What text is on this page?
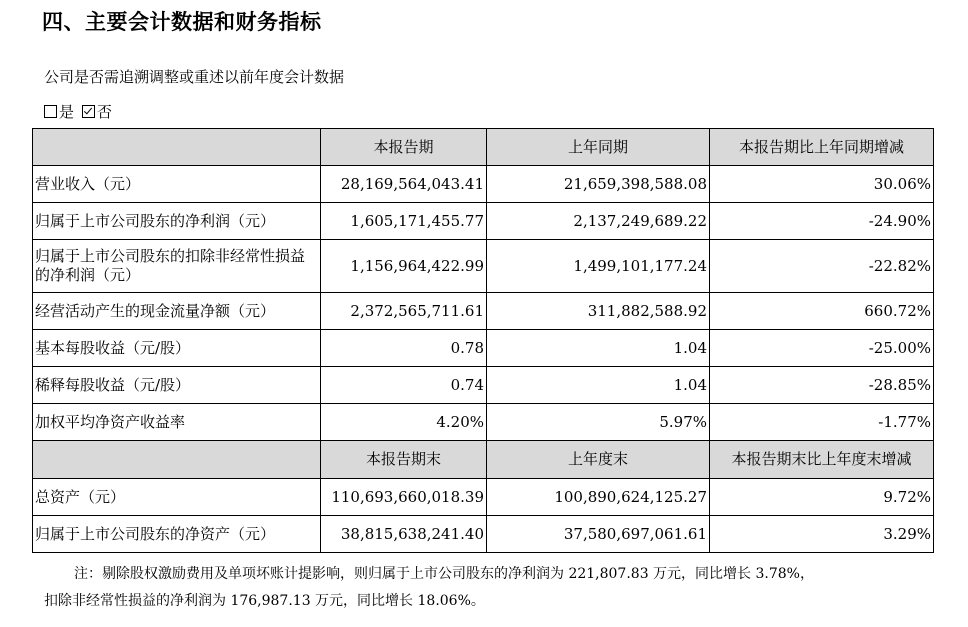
四、主要会计数据和财务指标
公司是否需追溯调整或重述以前年度会计数据
是 否
	本报告期	上年同期	本报告期比上年同期增减
营业收入（元）	28,169,564,043.41	21,659,398,588.08	30.06%
归属于上市公司股东的净利润（元）	1,605,171,455.77	2,137,249,689.22	-24.90%
归属于上市公司股东的扣除非经常性损益的净利润（元）	1,156,964,422.99	1,499,101,177.24	-22.82%
经营活动产生的现金流量净额（元）	2,372,565,711.61	311,882,588.92	660.72%
基本每股收益（元/股）	0.78	1.04	-25.00%
稀释每股收益（元/股）	0.74	1.04	-28.85%
加权平均净资产收益率	4.20%	5.97%	-1.77%
	本报告期末	上年度末	本报告期末比上年度末增减
总资产（元）	110,693,660,018.39	100,890,624,125.27	9.72%
归属于上市公司股东的净资产（元）	38,815,638,241.40	37,580,697,061.61	3.29%
注：剔除股权激励费用及单项坏账计提影响，则归属于上市公司股东的净利润为 221,807.83 万元，同比增长 3.78%，
扣除非经常性损益的净利润为 176,987.13 万元，同比增长 18.06%。
